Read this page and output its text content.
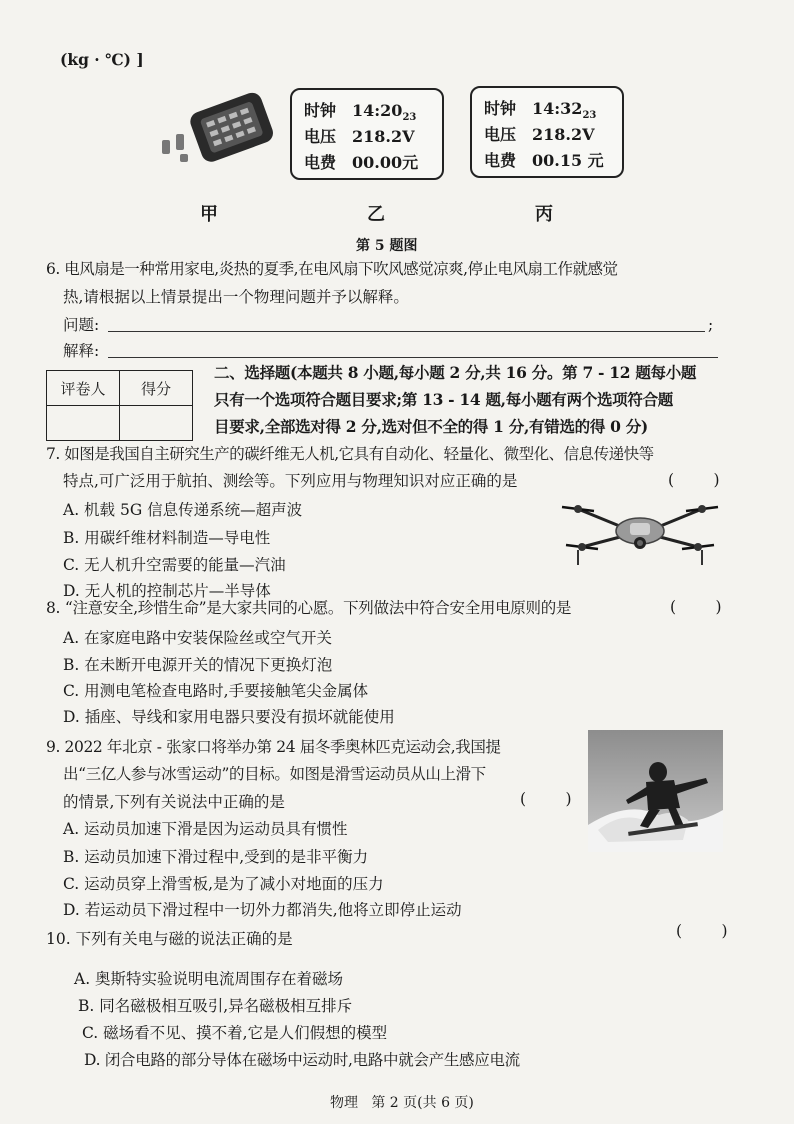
(kg · ℃) ]
时钟 $14:20_{23}$
电压 218.2V
电费 00.00元
时钟 $14:32_{23}$
电压 218.2V
电费 00.15 元
甲	乙	丙
第 5 题图
6. 电风扇是一种常用家电,炎热的夏季,在电风扇下吹风感觉凉爽,停止电风扇工作就感觉
热,请根据以上情景提出一个物理问题并予以解释。
问题:	;
解释:
评卷人	得分

二、选择题(本题共 8 小题,每小题 2 分,共 16 分。第 7 - 12 题每小题
只有一个选项符合题目要求;第 13 - 14 题,每小题有两个选项符合题
目要求,全部选对得 2 分,选对但不全的得 1 分,有错选的得 0 分)
7. 如图是我国自主研究生产的碳纤维无人机,它具有自动化、轻量化、微型化、信息传递快等
特点,可广泛用于航拍、测绘等。下列应用与物理知识对应正确的是	(        )
A. 机载 5G 信息传递系统—超声波
B. 用碳纤维材料制造—导电性
C. 无人机升空需要的能量—汽油
D. 无人机的控制芯片—半导体
8. “注意安全,珍惜生命”是大家共同的心愿。下列做法中符合安全用电原则的是	(        )
A. 在家庭电路中安装保险丝或空气开关
B. 在未断开电源开关的情况下更换灯泡
C. 用测电笔检查电路时,手要接触笔尖金属体
D. 插座、导线和家用电器只要没有损坏就能使用
9. 2022 年北京 - 张家口将举办第 24 届冬季奥林匹克运动会,我国提
出“三亿人参与冰雪运动”的目标。如图是滑雪运动员从山上滑下
的情景,下列有关说法中正确的是	(        )
A. 运动员加速下滑是因为运动员具有惯性
B. 运动员加速下滑过程中,受到的是非平衡力
C. 运动员穿上滑雪板,是为了减小对地面的压力
D. 若运动员下滑过程中一切外力都消失,他将立即停止运动
10. 下列有关电与磁的说法正确的是	(        )
A. 奥斯特实验说明电流周围存在着磁场
B. 同名磁极相互吸引,异名磁极相互排斥
C. 磁场看不见、摸不着,它是人们假想的模型
D. 闭合电路的部分导体在磁场中运动时,电路中就会产生感应电流
物理   第 2 页(共 6 页)
